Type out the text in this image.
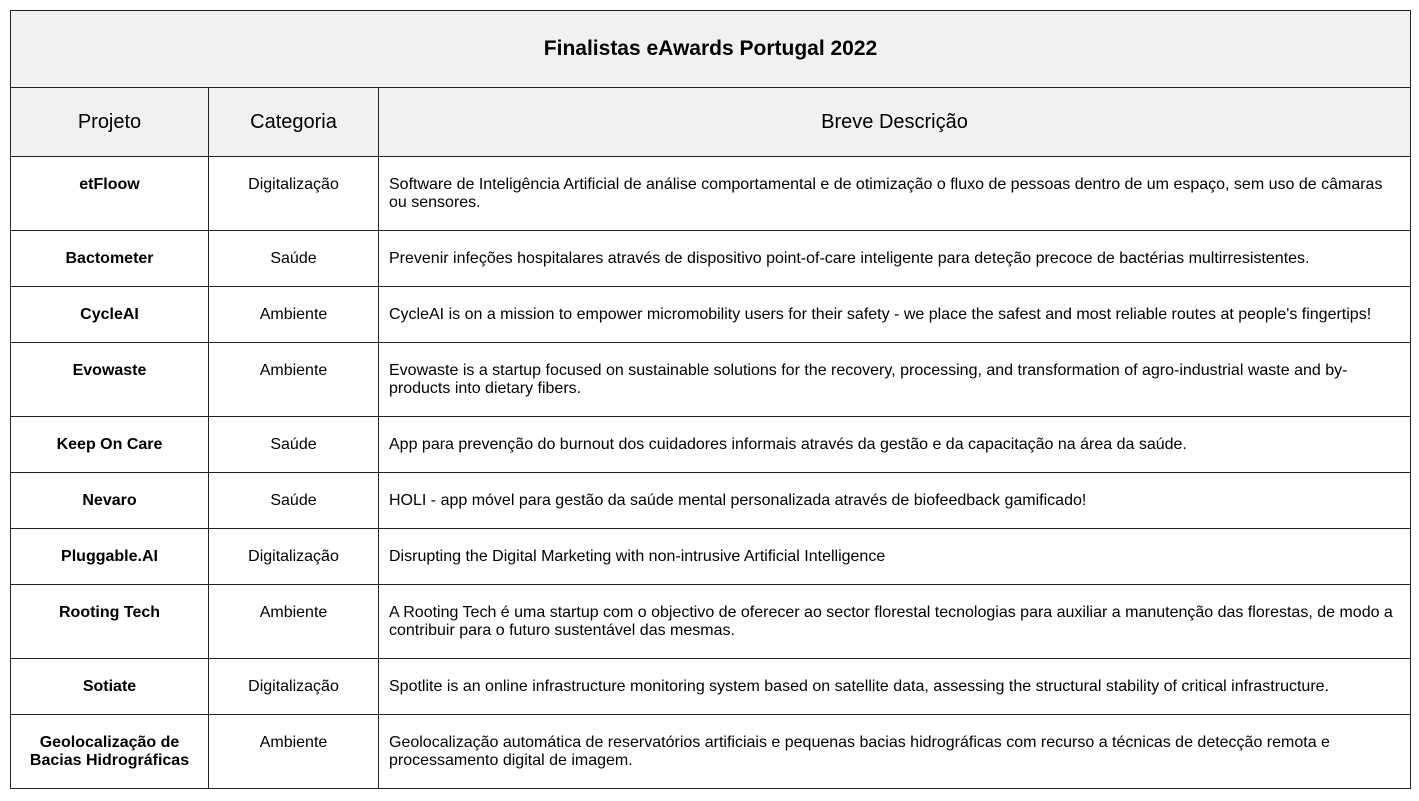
Finalistas eAwards Portugal 2022		
Projeto	Categoria	Breve Descrição
etFloow	Digitalização	Software de Inteligência Artificial de análise comportamental e de otimização o fluxo de pessoas dentro de um espaço, sem uso de câmaras ou sensores.
Bactometer	Saúde	Prevenir infeções hospitalares através de dispositivo point-of-care inteligente para deteção precoce de bactérias multirresistentes.
CycleAI	Ambiente	CycleAI is on a mission to empower micromobility users for their safety - we place the safest and most reliable routes at people's fingertips!
Evowaste	Ambiente	Evowaste is a startup focused on sustainable solutions for the recovery, processing, and transformation of agro-industrial waste and by-products into dietary fibers.
Keep On Care	Saúde	App para prevenção do burnout dos cuidadores informais através da gestão e da capacitação na área da saúde.
Nevaro	Saúde	HOLI - app móvel para gestão da saúde mental personalizada através de biofeedback gamificado!
Pluggable.AI	Digitalização	Disrupting the Digital Marketing with non-intrusive Artificial Intelligence
Rooting Tech	Ambiente	A Rooting Tech é uma startup com o objectivo de oferecer ao sector florestal tecnologias para auxiliar a manutenção das florestas, de modo a contribuir para o futuro sustentável das mesmas.
Sotiate	Digitalização	Spotlite is an online infrastructure monitoring system based on satellite data, assessing the structural stability of critical infrastructure.
Geolocalização de Bacias Hidrográficas	Ambiente	Geolocalização automática de reservatórios artificiais e pequenas bacias hidrográficas com recurso a técnicas de detecção remota e processamento digital de imagem.
